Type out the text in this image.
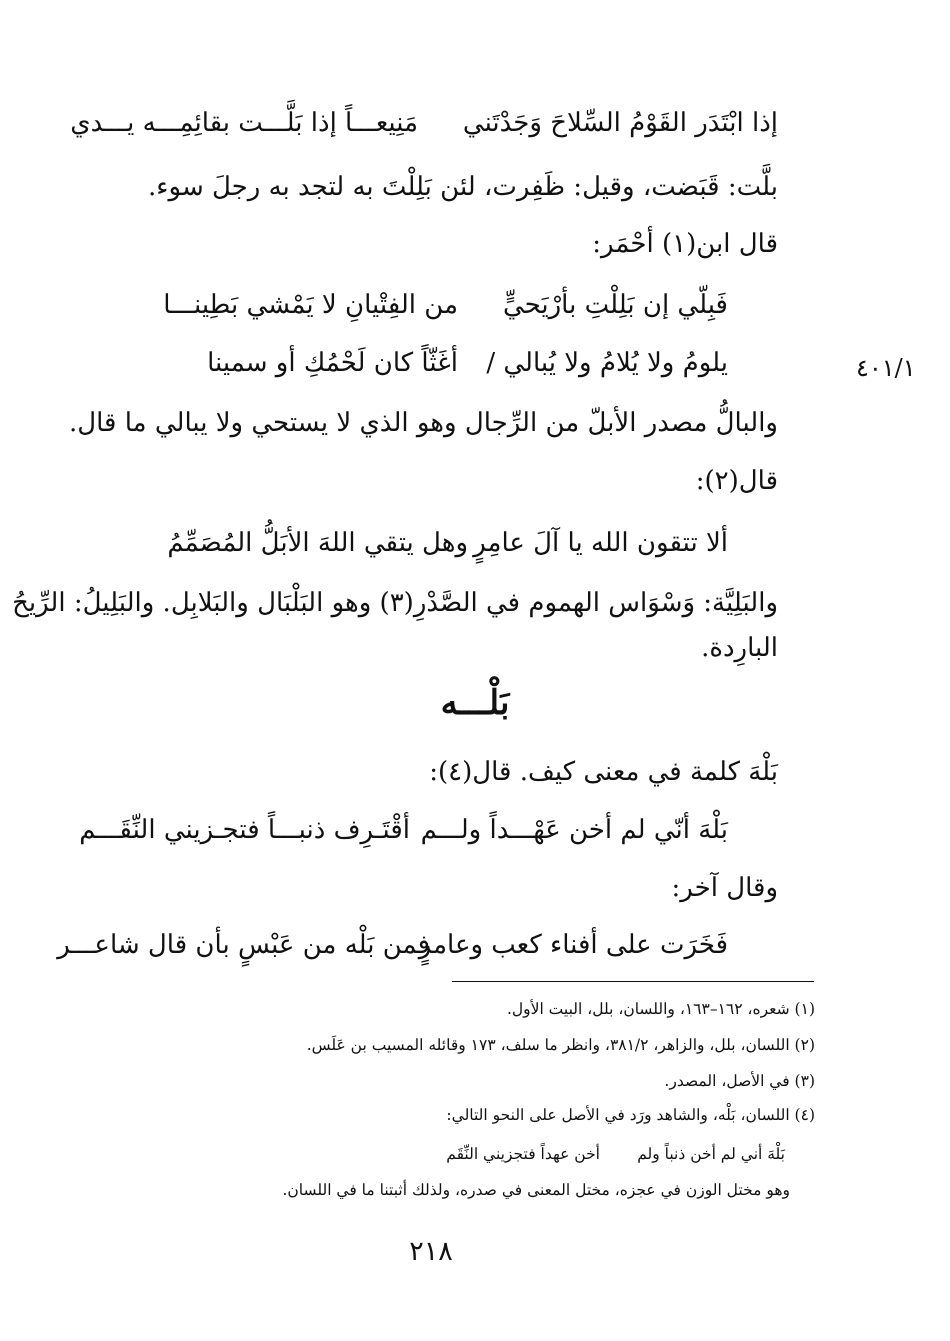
٤٠١/١
إذا ابْتَدَر القَوْمُ السِّلاحَ وَجَدْتَني
مَنِيعـــاً إذا بَلَّـــت بقائِمِـــه يـــدي
بلَّت: قَبَضت، وقيل: ظَفِرت، لئن بَلِلْتَ به لتجد به رجلَ سوء.
قال ابن(١) أحْمَر:
فَبِلّي إن بَلِلْتِ بأرْيَحيٍّ
من الفِتْيانِ لا يَمْشي بَطِينـــا
يلومُ ولا يُلامُ ولا يُبالي /
أغَثّاً كان لَحْمُكِ أو سمينا
والبالُّ مصدر الأبلّ من الرِّجال وهو الذي لا يستحي ولا يبالي ما قال.
قال(٢):
ألا تتقون الله يا آلَ عامِرٍ
وهل يتقي اللهَ الأبَلُّ المُصَمِّمُ
والبَلِيَّة: وَسْوَاس الهموم في الصَّدْرِ(٣) وهو البَلْبَال والبَلابِل. والبَلِيلُ: الرِّيحُ
البارِدة.
بَلْـــه
بَلْهَ كلمة في معنى كيف. قال(٤):
بَلْهَ أنّي لم أخن عَهْـــداً ولـــم
أقْتَـرِف ذنبـــاً فتجـزيني النِّقَـــم
وقال آخر:
فَخَرَت على أفناء كعب وعامرٍ
فمن بَلْه من عَبْسٍ بأن قال شاعـــر
(١) شعره، ١٦٢–١٦٣، واللسان، بلل، البيت الأول.
(٢) اللسان، بلل، والزاهر، ٣٨١/٢، وانظر ما سلف، ١٧٣ وقائله المسيب بن عَلَس.
(٣) في الأصل، المصدر.
(٤) اللسان، بَلْه، والشاهد ورَد في الأصل على النحو التالي:
بَلْهَ أني لم أخن ذنباً ولم
أخن عهداً فتجزيني النِّقَم
وهو مختل الوزن في عجزه، مختل المعنى في صدره، ولذلك أثبتنا ما في اللسان.
٢١٨
